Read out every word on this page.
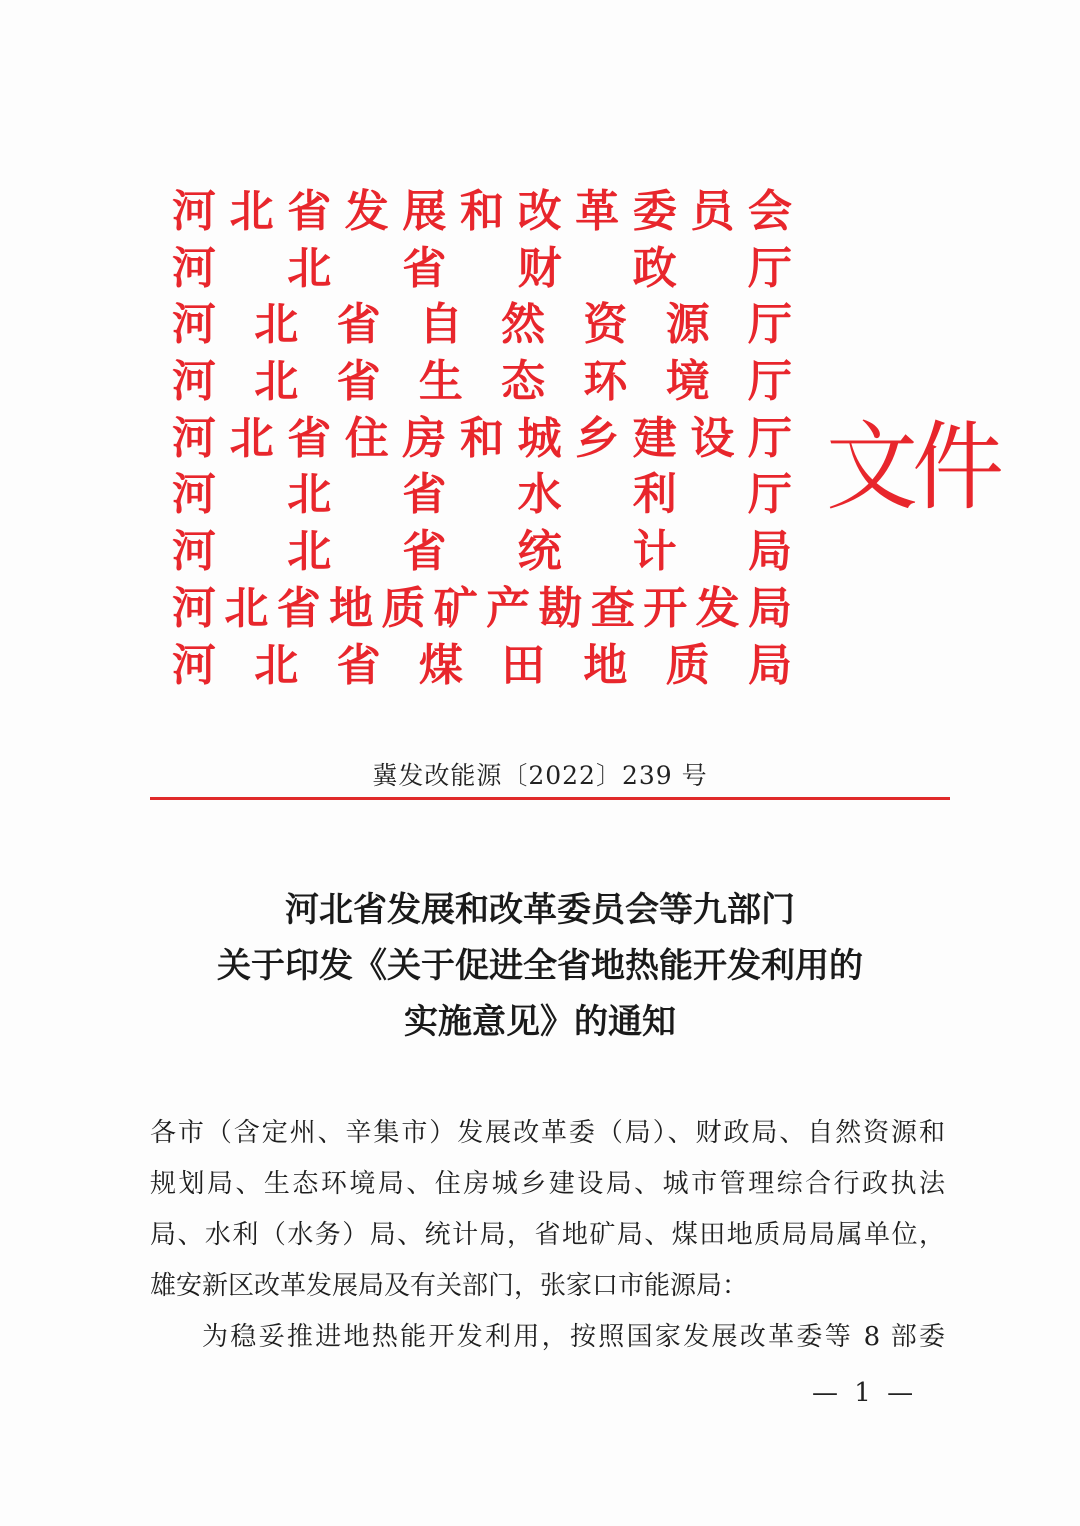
河 北 省 发 展 和 改 革 委 员 会
河 北 省 财 政 厅
河 北 省 自 然 资 源 厅
河 北 省 生 态 环 境 厅
河 北 省 住 房 和 城 乡 建 设 厅
河 北 省 水 利 厅
河 北 省 统 计 局
河 北 省 地 质 矿 产 勘 查 开 发 局
河 北 省 煤 田 地 质 局
文件
冀发改能源〔2022〕239 号
河北省发展和改革委员会等九部门
关于印发《关于促进全省地热能开发利用的
实施意见》的通知
各市（含定州、辛集市）发展改革委（局）、财政局、自然资源和
规划局、生态环境局、住房城乡建设局、城市管理综合行政执法
局、水利（水务）局、统计局，省地矿局、煤田地质局局属单位，
雄安新区改革发展局及有关部门，张家口市能源局：
为稳妥推进地热能开发利用，按照国家发展改革委等 8 部委
— 1 —
